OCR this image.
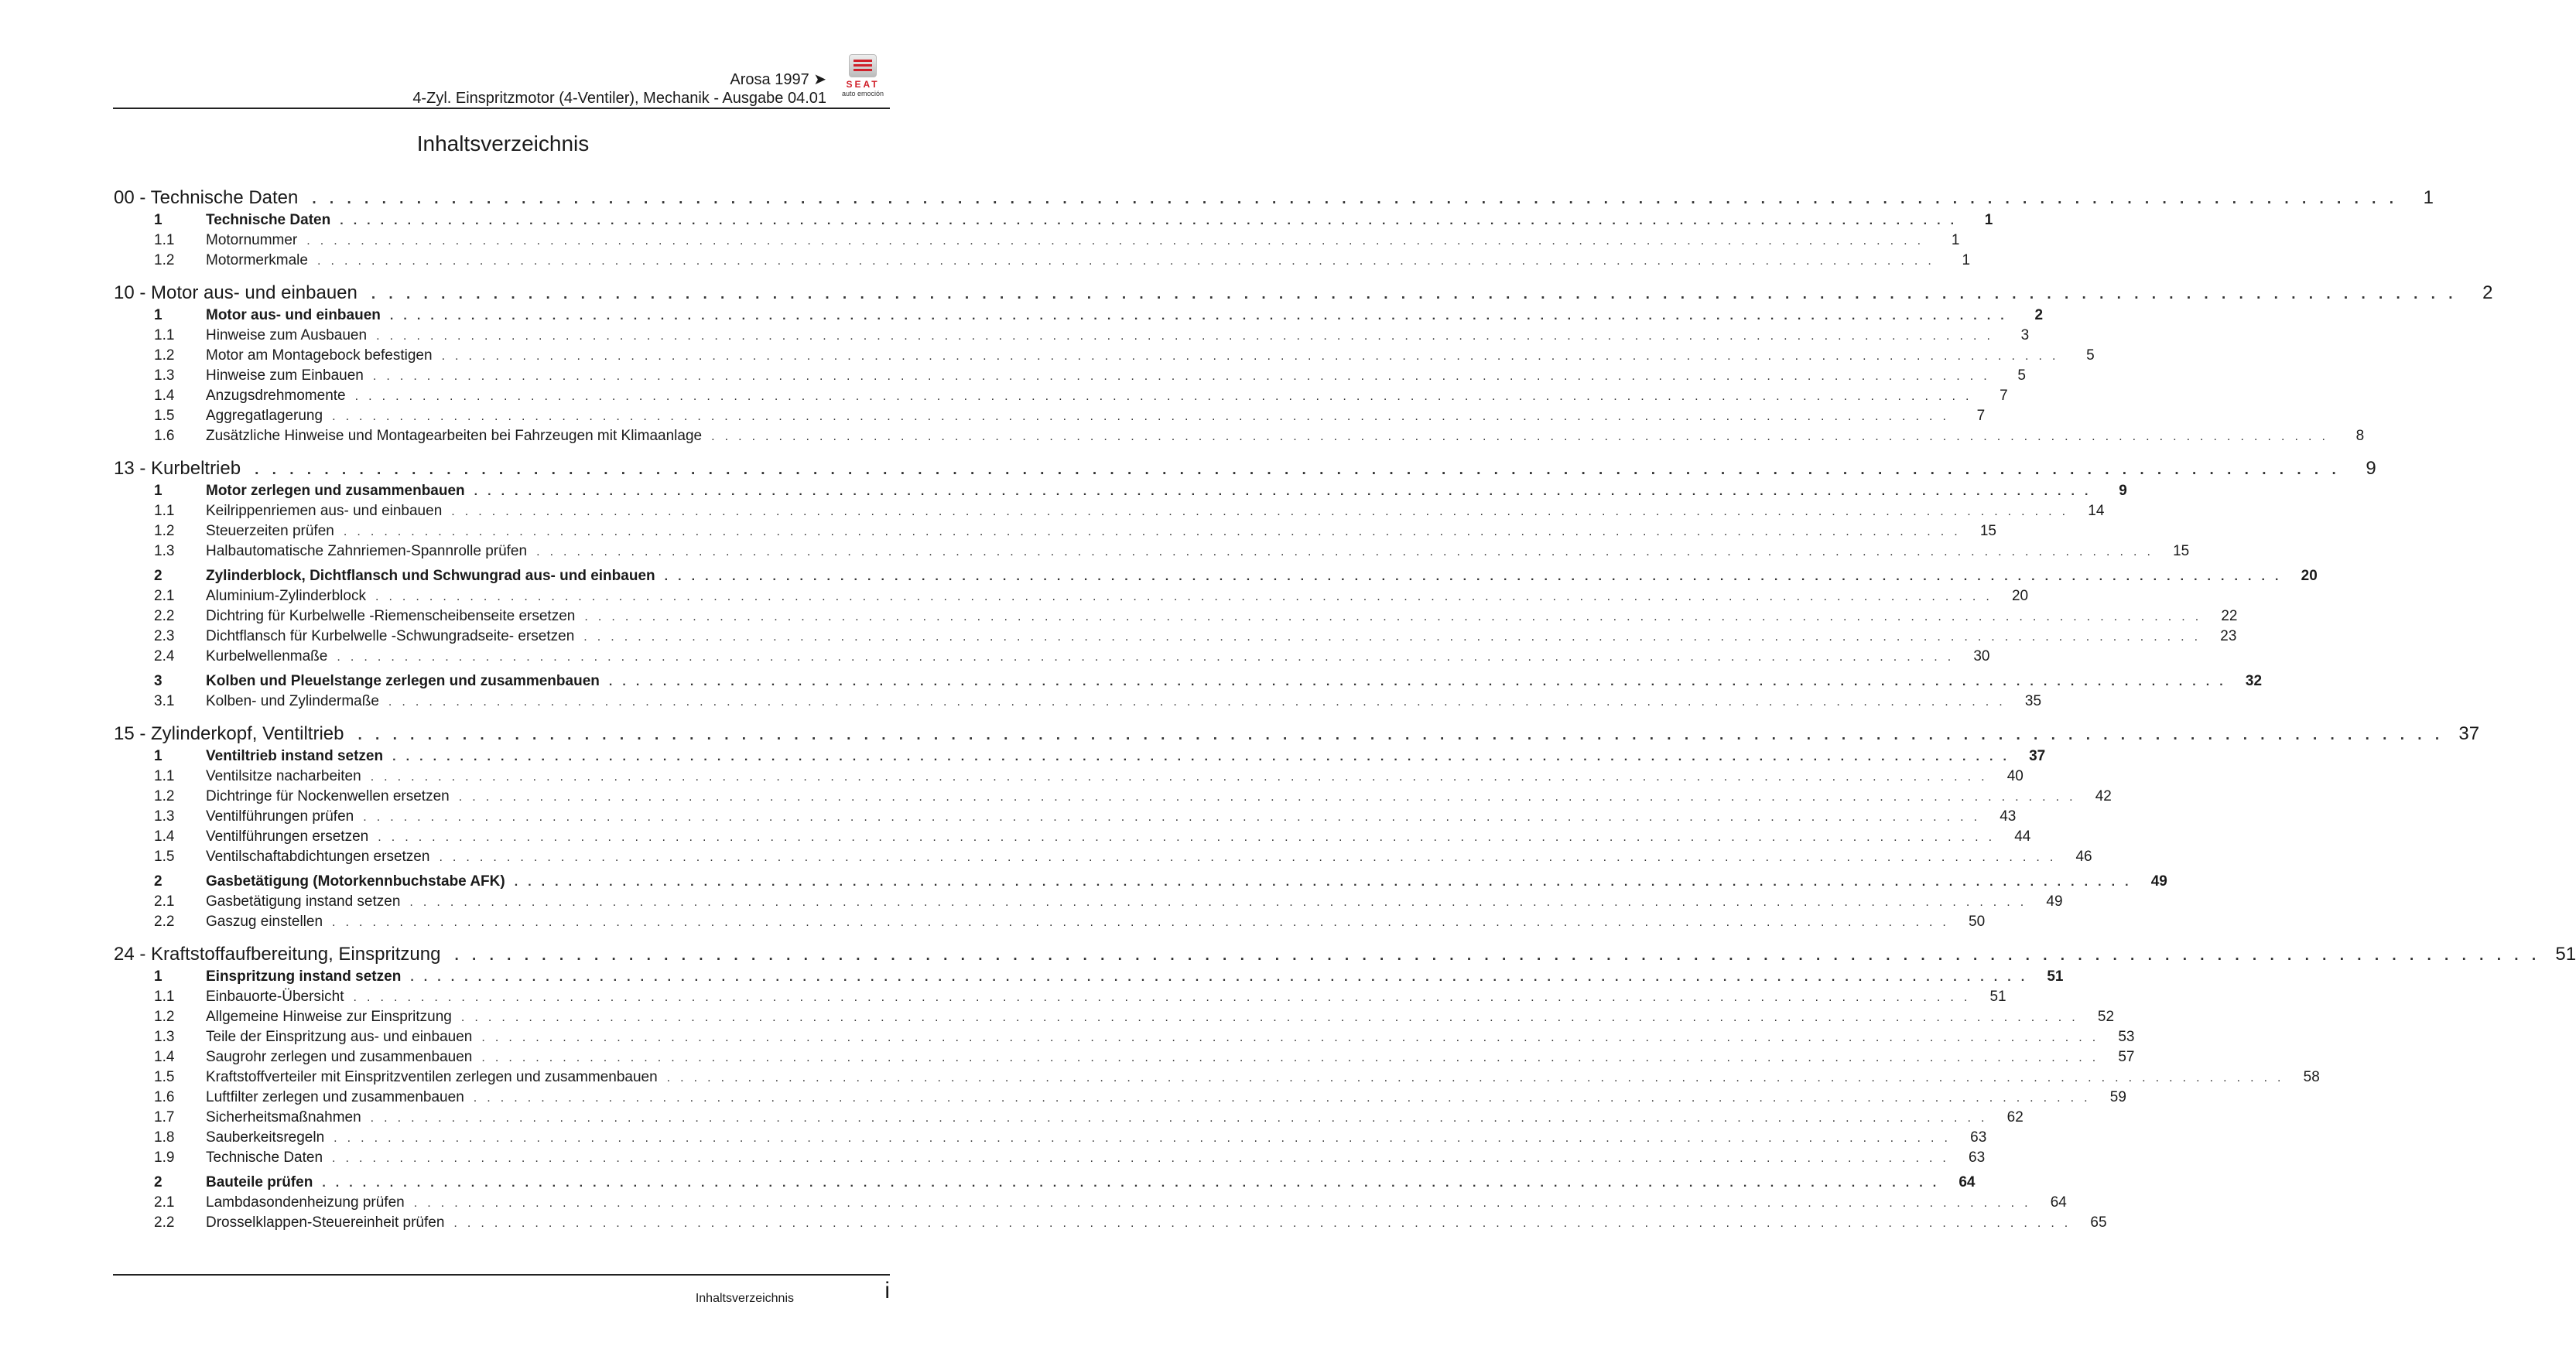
Arosa 1997 ➤
4-Zyl. Einspritzmotor (4-Ventiler), Mechanik - Ausgabe 04.01
SEAT
auto emoción
Inhaltsverzeichnis
00 - Technische Daten . . . . . . . . . . . . . . . . . . . . . . . . . . . . . . . . . . . . . . . . . . . . . . . . . . . . . . . . . . . . . . . . . . . . . . . . . . . . . . . . . . . . . . . . . . . . . . . . . . . . . . . . . . . . . . . . . . . . . . . .	1
1	Technische Daten . . . . . . . . . . . . . . . . . . . . . . . . . . . . . . . . . . . . . . . . . . . . . . . . . . . . . . . . . . . . . . . . . . . . . . . . . . . . . . . . . . . . . . . . . . . . . . . . . . . . . . . . . . . . . . . . . . . . . . . .	1
1.1	Motornummer . . . . . . . . . . . . . . . . . . . . . . . . . . . . . . . . . . . . . . . . . . . . . . . . . . . . . . . . . . . . . . . . . . . . . . . . . . . . . . . . . . . . . . . . . . . . . . . . . . . . . . . . . . . . . . . . . . . . . . . .	1
1.2	Motormerkmale . . . . . . . . . . . . . . . . . . . . . . . . . . . . . . . . . . . . . . . . . . . . . . . . . . . . . . . . . . . . . . . . . . . . . . . . . . . . . . . . . . . . . . . . . . . . . . . . . . . . . . . . . . . . . . . . . . . . . . . .	1
10 - Motor aus- und einbauen . . . . . . . . . . . . . . . . . . . . . . . . . . . . . . . . . . . . . . . . . . . . . . . . . . . . . . . . . . . . . . . . . . . . . . . . . . . . . . . . . . . . . . . . . . . . . . . . . . . . . . . . . . . . . . . . . . . . . . . .	2
1	Motor aus- und einbauen . . . . . . . . . . . . . . . . . . . . . . . . . . . . . . . . . . . . . . . . . . . . . . . . . . . . . . . . . . . . . . . . . . . . . . . . . . . . . . . . . . . . . . . . . . . . . . . . . . . . . . . . . . . . . . . . . . . . . . . .	2
1.1	Hinweise zum Ausbauen . . . . . . . . . . . . . . . . . . . . . . . . . . . . . . . . . . . . . . . . . . . . . . . . . . . . . . . . . . . . . . . . . . . . . . . . . . . . . . . . . . . . . . . . . . . . . . . . . . . . . . . . . . . . . . . . . . . . . . . .	3
1.2	Motor am Montagebock befestigen . . . . . . . . . . . . . . . . . . . . . . . . . . . . . . . . . . . . . . . . . . . . . . . . . . . . . . . . . . . . . . . . . . . . . . . . . . . . . . . . . . . . . . . . . . . . . . . . . . . . . . . . . . . . . . . . . . . . . . . .	5
1.3	Hinweise zum Einbauen . . . . . . . . . . . . . . . . . . . . . . . . . . . . . . . . . . . . . . . . . . . . . . . . . . . . . . . . . . . . . . . . . . . . . . . . . . . . . . . . . . . . . . . . . . . . . . . . . . . . . . . . . . . . . . . . . . . . . . . .	5
1.4	Anzugsdrehmomente . . . . . . . . . . . . . . . . . . . . . . . . . . . . . . . . . . . . . . . . . . . . . . . . . . . . . . . . . . . . . . . . . . . . . . . . . . . . . . . . . . . . . . . . . . . . . . . . . . . . . . . . . . . . . . . . . . . . . . . .	7
1.5	Aggregatlagerung . . . . . . . . . . . . . . . . . . . . . . . . . . . . . . . . . . . . . . . . . . . . . . . . . . . . . . . . . . . . . . . . . . . . . . . . . . . . . . . . . . . . . . . . . . . . . . . . . . . . . . . . . . . . . . . . . . . . . . . .	7
1.6	Zusätzliche Hinweise und Montagearbeiten bei Fahrzeugen mit Klimaanlage . . . . . . . . . . . . . . . . . . . . . . . . . . . . . . . . . . . . . . . . . . . . . . . . . . . . . . . . . . . . . . . . . . . . . . . . . . . . . . . . . . . . . . . . . . . . . . . . . . . . . . . . . . . . . . . . . . . . . . . .	8
13 - Kurbeltrieb . . . . . . . . . . . . . . . . . . . . . . . . . . . . . . . . . . . . . . . . . . . . . . . . . . . . . . . . . . . . . . . . . . . . . . . . . . . . . . . . . . . . . . . . . . . . . . . . . . . . . . . . . . . . . . . . . . . . . . . .	9
1	Motor zerlegen und zusammenbauen . . . . . . . . . . . . . . . . . . . . . . . . . . . . . . . . . . . . . . . . . . . . . . . . . . . . . . . . . . . . . . . . . . . . . . . . . . . . . . . . . . . . . . . . . . . . . . . . . . . . . . . . . . . . . . . . . . . . . . . .	9
1.1	Keilrippenriemen aus- und einbauen . . . . . . . . . . . . . . . . . . . . . . . . . . . . . . . . . . . . . . . . . . . . . . . . . . . . . . . . . . . . . . . . . . . . . . . . . . . . . . . . . . . . . . . . . . . . . . . . . . . . . . . . . . . . . . . . . . . . . . . .	14
1.2	Steuerzeiten prüfen . . . . . . . . . . . . . . . . . . . . . . . . . . . . . . . . . . . . . . . . . . . . . . . . . . . . . . . . . . . . . . . . . . . . . . . . . . . . . . . . . . . . . . . . . . . . . . . . . . . . . . . . . . . . . . . . . . . . . . . .	15
1.3	Halbautomatische Zahnriemen-Spannrolle prüfen . . . . . . . . . . . . . . . . . . . . . . . . . . . . . . . . . . . . . . . . . . . . . . . . . . . . . . . . . . . . . . . . . . . . . . . . . . . . . . . . . . . . . . . . . . . . . . . . . . . . . . . . . . . . . . . . . . . . . . . .	15
2	Zylinderblock, Dichtflansch und Schwungrad aus- und einbauen . . . . . . . . . . . . . . . . . . . . . . . . . . . . . . . . . . . . . . . . . . . . . . . . . . . . . . . . . . . . . . . . . . . . . . . . . . . . . . . . . . . . . . . . . . . . . . . . . . . . . . . . . . . . . . . . . . . . . . . .	20
2.1	Aluminium-Zylinderblock . . . . . . . . . . . . . . . . . . . . . . . . . . . . . . . . . . . . . . . . . . . . . . . . . . . . . . . . . . . . . . . . . . . . . . . . . . . . . . . . . . . . . . . . . . . . . . . . . . . . . . . . . . . . . . . . . . . . . . . .	20
2.2	Dichtring für Kurbelwelle -Riemenscheibenseite ersetzen . . . . . . . . . . . . . . . . . . . . . . . . . . . . . . . . . . . . . . . . . . . . . . . . . . . . . . . . . . . . . . . . . . . . . . . . . . . . . . . . . . . . . . . . . . . . . . . . . . . . . . . . . . . . . . . . . . . . . . . .	22
2.3	Dichtflansch für Kurbelwelle -Schwungradseite- ersetzen . . . . . . . . . . . . . . . . . . . . . . . . . . . . . . . . . . . . . . . . . . . . . . . . . . . . . . . . . . . . . . . . . . . . . . . . . . . . . . . . . . . . . . . . . . . . . . . . . . . . . . . . . . . . . . . . . . . . . . . .	23
2.4	Kurbelwellenmaße . . . . . . . . . . . . . . . . . . . . . . . . . . . . . . . . . . . . . . . . . . . . . . . . . . . . . . . . . . . . . . . . . . . . . . . . . . . . . . . . . . . . . . . . . . . . . . . . . . . . . . . . . . . . . . . . . . . . . . . .	30
3	Kolben und Pleuelstange zerlegen und zusammenbauen . . . . . . . . . . . . . . . . . . . . . . . . . . . . . . . . . . . . . . . . . . . . . . . . . . . . . . . . . . . . . . . . . . . . . . . . . . . . . . . . . . . . . . . . . . . . . . . . . . . . . . . . . . . . . . . . . . . . . . . .	32
3.1	Kolben- und Zylindermaße . . . . . . . . . . . . . . . . . . . . . . . . . . . . . . . . . . . . . . . . . . . . . . . . . . . . . . . . . . . . . . . . . . . . . . . . . . . . . . . . . . . . . . . . . . . . . . . . . . . . . . . . . . . . . . . . . . . . . . . .	35
15 - Zylinderkopf, Ventiltrieb . . . . . . . . . . . . . . . . . . . . . . . . . . . . . . . . . . . . . . . . . . . . . . . . . . . . . . . . . . . . . . . . . . . . . . . . . . . . . . . . . . . . . . . . . . . . . . . . . . . . . . . . . . . . . . . . . . . . . . . . 37
1	Ventiltrieb instand setzen . . . . . . . . . . . . . . . . . . . . . . . . . . . . . . . . . . . . . . . . . . . . . . . . . . . . . . . . . . . . . . . . . . . . . . . . . . . . . . . . . . . . . . . . . . . . . . . . . . . . . . . . . . . . . . . . . . . . . . . .	37
1.1	Ventilsitze nacharbeiten . . . . . . . . . . . . . . . . . . . . . . . . . . . . . . . . . . . . . . . . . . . . . . . . . . . . . . . . . . . . . . . . . . . . . . . . . . . . . . . . . . . . . . . . . . . . . . . . . . . . . . . . . . . . . . . . . . . . . . . .	40
1.2	Dichtringe für Nockenwellen ersetzen . . . . . . . . . . . . . . . . . . . . . . . . . . . . . . . . . . . . . . . . . . . . . . . . . . . . . . . . . . . . . . . . . . . . . . . . . . . . . . . . . . . . . . . . . . . . . . . . . . . . . . . . . . . . . . . . . . . . . . . .	42
1.3	Ventilführungen prüfen . . . . . . . . . . . . . . . . . . . . . . . . . . . . . . . . . . . . . . . . . . . . . . . . . . . . . . . . . . . . . . . . . . . . . . . . . . . . . . . . . . . . . . . . . . . . . . . . . . . . . . . . . . . . . . . . . . . . . . . .	43
1.4	Ventilführungen ersetzen . . . . . . . . . . . . . . . . . . . . . . . . . . . . . . . . . . . . . . . . . . . . . . . . . . . . . . . . . . . . . . . . . . . . . . . . . . . . . . . . . . . . . . . . . . . . . . . . . . . . . . . . . . . . . . . . . . . . . . . .	44
1.5	Ventilschaftabdichtungen ersetzen . . . . . . . . . . . . . . . . . . . . . . . . . . . . . . . . . . . . . . . . . . . . . . . . . . . . . . . . . . . . . . . . . . . . . . . . . . . . . . . . . . . . . . . . . . . . . . . . . . . . . . . . . . . . . . . . . . . . . . . .	46
2	Gasbetätigung (Motorkennbuchstabe AFK) . . . . . . . . . . . . . . . . . . . . . . . . . . . . . . . . . . . . . . . . . . . . . . . . . . . . . . . . . . . . . . . . . . . . . . . . . . . . . . . . . . . . . . . . . . . . . . . . . . . . . . . . . . . . . . . . . . . . . . . .	49
2.1	Gasbetätigung instand setzen . . . . . . . . . . . . . . . . . . . . . . . . . . . . . . . . . . . . . . . . . . . . . . . . . . . . . . . . . . . . . . . . . . . . . . . . . . . . . . . . . . . . . . . . . . . . . . . . . . . . . . . . . . . . . . . . . . . . . . . .	49
2.2	Gaszug einstellen . . . . . . . . . . . . . . . . . . . . . . . . . . . . . . . . . . . . . . . . . . . . . . . . . . . . . . . . . . . . . . . . . . . . . . . . . . . . . . . . . . . . . . . . . . . . . . . . . . . . . . . . . . . . . . . . . . . . . . . .	50
24 - Kraftstoffaufbereitung, Einspritzung . . . . . . . . . . . . . . . . . . . . . . . . . . . . . . . . . . . . . . . . . . . . . . . . . . . . . . . . . . . . . . . . . . . . . . . . . . . . . . . . . . . . . . . . . . . . . . . . . . . . . . . . . . . . . . . . . . . . . . . . 51
1	Einspritzung instand setzen . . . . . . . . . . . . . . . . . . . . . . . . . . . . . . . . . . . . . . . . . . . . . . . . . . . . . . . . . . . . . . . . . . . . . . . . . . . . . . . . . . . . . . . . . . . . . . . . . . . . . . . . . . . . . . . . . . . . . . . .	51
1.1	Einbauorte-Übersicht . . . . . . . . . . . . . . . . . . . . . . . . . . . . . . . . . . . . . . . . . . . . . . . . . . . . . . . . . . . . . . . . . . . . . . . . . . . . . . . . . . . . . . . . . . . . . . . . . . . . . . . . . . . . . . . . . . . . . . . .	51
1.2	Allgemeine Hinweise zur Einspritzung . . . . . . . . . . . . . . . . . . . . . . . . . . . . . . . . . . . . . . . . . . . . . . . . . . . . . . . . . . . . . . . . . . . . . . . . . . . . . . . . . . . . . . . . . . . . . . . . . . . . . . . . . . . . . . . . . . . . . . . .	52
1.3	Teile der Einspritzung aus- und einbauen . . . . . . . . . . . . . . . . . . . . . . . . . . . . . . . . . . . . . . . . . . . . . . . . . . . . . . . . . . . . . . . . . . . . . . . . . . . . . . . . . . . . . . . . . . . . . . . . . . . . . . . . . . . . . . . . . . . . . . . .	53
1.4	Saugrohr zerlegen und zusammenbauen . . . . . . . . . . . . . . . . . . . . . . . . . . . . . . . . . . . . . . . . . . . . . . . . . . . . . . . . . . . . . . . . . . . . . . . . . . . . . . . . . . . . . . . . . . . . . . . . . . . . . . . . . . . . . . . . . . . . . . . .	57
1.5	Kraftstoffverteiler mit Einspritzventilen zerlegen und zusammenbauen . . . . . . . . . . . . . . . . . . . . . . . . . . . . . . . . . . . . . . . . . . . . . . . . . . . . . . . . . . . . . . . . . . . . . . . . . . . . . . . . . . . . . . . . . . . . . . . . . . . . . . . . . . . . . . . . . . . . . . . .	58
1.6	Luftfilter zerlegen und zusammenbauen . . . . . . . . . . . . . . . . . . . . . . . . . . . . . . . . . . . . . . . . . . . . . . . . . . . . . . . . . . . . . . . . . . . . . . . . . . . . . . . . . . . . . . . . . . . . . . . . . . . . . . . . . . . . . . . . . . . . . . . .	59
1.7	Sicherheitsmaßnahmen . . . . . . . . . . . . . . . . . . . . . . . . . . . . . . . . . . . . . . . . . . . . . . . . . . . . . . . . . . . . . . . . . . . . . . . . . . . . . . . . . . . . . . . . . . . . . . . . . . . . . . . . . . . . . . . . . . . . . . . .	62
1.8	Sauberkeitsregeln . . . . . . . . . . . . . . . . . . . . . . . . . . . . . . . . . . . . . . . . . . . . . . . . . . . . . . . . . . . . . . . . . . . . . . . . . . . . . . . . . . . . . . . . . . . . . . . . . . . . . . . . . . . . . . . . . . . . . . . .	63
1.9	Technische Daten . . . . . . . . . . . . . . . . . . . . . . . . . . . . . . . . . . . . . . . . . . . . . . . . . . . . . . . . . . . . . . . . . . . . . . . . . . . . . . . . . . . . . . . . . . . . . . . . . . . . . . . . . . . . . . . . . . . . . . . .	63
2	Bauteile prüfen . . . . . . . . . . . . . . . . . . . . . . . . . . . . . . . . . . . . . . . . . . . . . . . . . . . . . . . . . . . . . . . . . . . . . . . . . . . . . . . . . . . . . . . . . . . . . . . . . . . . . . . . . . . . . . . . . . . . . . . .	64
2.1	Lambdasondenheizung prüfen . . . . . . . . . . . . . . . . . . . . . . . . . . . . . . . . . . . . . . . . . . . . . . . . . . . . . . . . . . . . . . . . . . . . . . . . . . . . . . . . . . . . . . . . . . . . . . . . . . . . . . . . . . . . . . . . . . . . . . . .	64
2.2	Drosselklappen-Steuereinheit prüfen . . . . . . . . . . . . . . . . . . . . . . . . . . . . . . . . . . . . . . . . . . . . . . . . . . . . . . . . . . . . . . . . . . . . . . . . . . . . . . . . . . . . . . . . . . . . . . . . . . . . . . . . . . . . . . . . . . . . . . . .	65
Inhaltsverzeichnis	i
